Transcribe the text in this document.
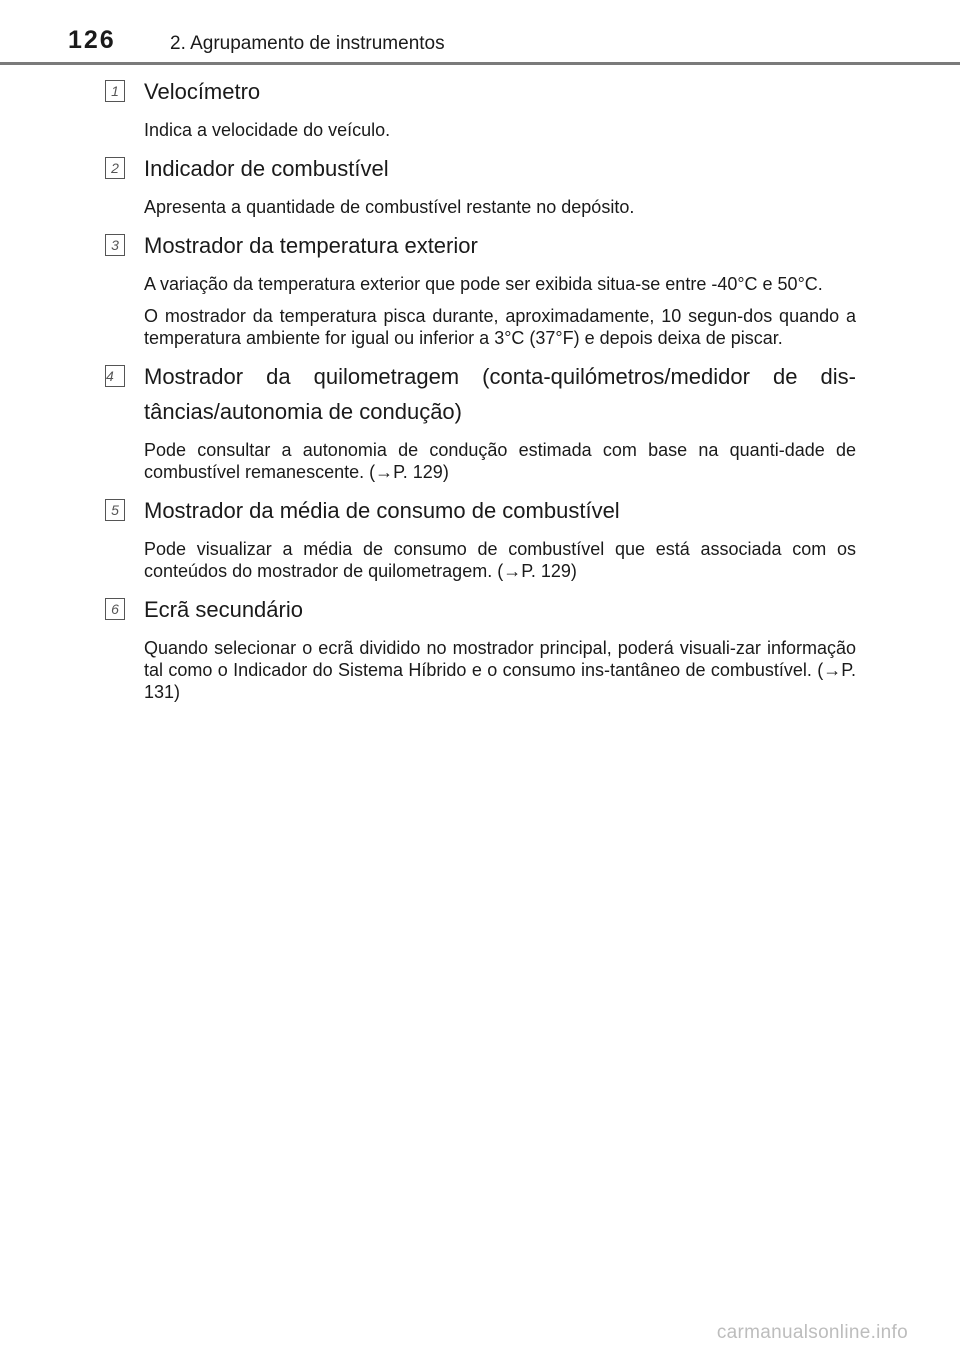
126	2. Agrupamento de instrumentos
1 Velocímetro

Indica a velocidade do veículo.

2 Indicador de combustível

Apresenta a quantidade de combustível restante no depósito.

3 Mostrador da temperatura exterior

A variação da temperatura exterior que pode ser exibida situa-se entre -40°C e 50°C.

O mostrador da temperatura pisca durante, aproximadamente, 10 segun-dos quando a temperatura ambiente for igual ou inferior a 3°C (37°F) e depois deixa de piscar.

4	Mostrador da quilometragem (conta-quilómetros/medidor de dis-tâncias/autonomia de condução)

Pode consultar a autonomia de condução estimada com base na quanti-dade de combustível remanescente. (→P. 129)

5 Mostrador da média de consumo de combustível

Pode visualizar a média de consumo de combustível que está associada com os conteúdos do mostrador de quilometragem. (→P. 129)

6 Ecrã secundário

Quando selecionar o ecrã dividido no mostrador principal, poderá visuali-zar informação tal como o Indicador do Sistema Híbrido e o consumo ins-tantâneo de combustível. (→P. 131)

carmanualsonline.info
